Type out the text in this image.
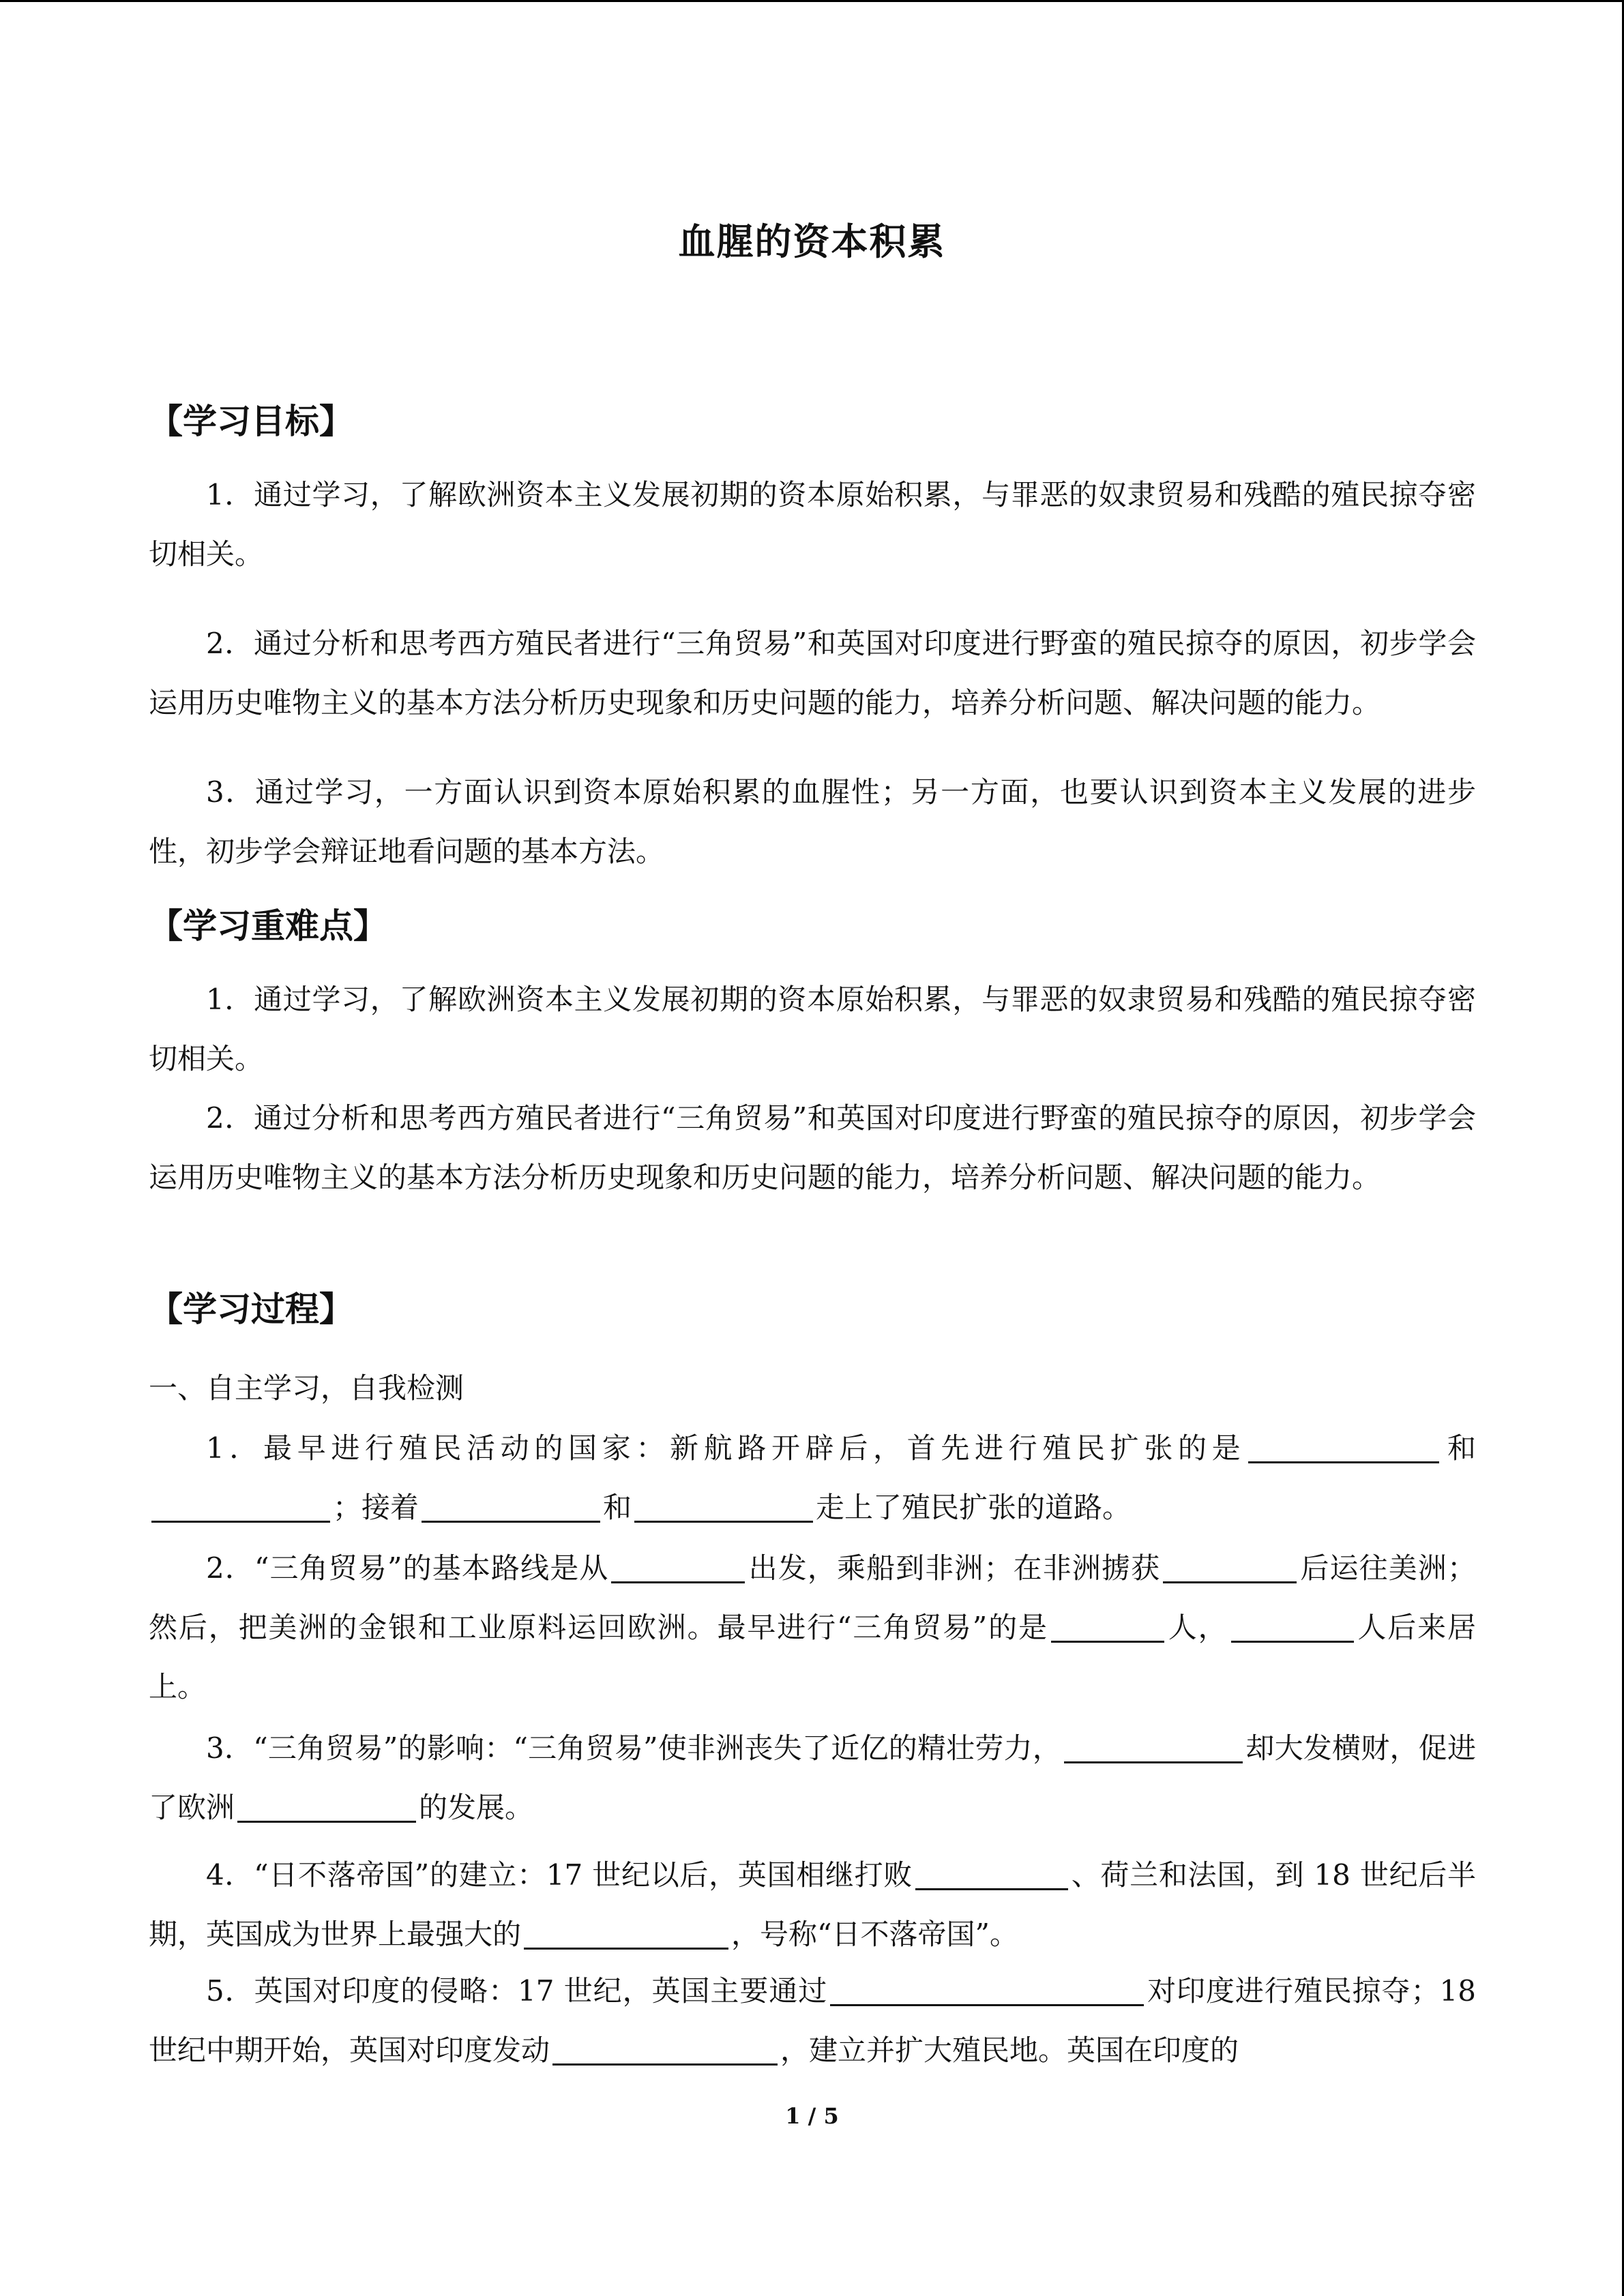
血腥的资本积累
【学习目标】
1．通过学习，了解欧洲资本主义发展初期的资本原始积累，与罪恶的奴隶贸易和残酷的殖民掠夺密切相关。
2．通过分析和思考西方殖民者进行“三角贸易”和英国对印度进行野蛮的殖民掠夺的原因，初步学会运用历史唯物主义的基本方法分析历史现象和历史问题的能力，培养分析问题、解决问题的能力。
3．通过学习，一方面认识到资本原始积累的血腥性；另一方面，也要认识到资本主义发展的进步性，初步学会辩证地看问题的基本方法。
【学习重难点】
1．通过学习，了解欧洲资本主义发展初期的资本原始积累，与罪恶的奴隶贸易和残酷的殖民掠夺密切相关。
2．通过分析和思考西方殖民者进行“三角贸易”和英国对印度进行野蛮的殖民掠夺的原因，初步学会运用历史唯物主义的基本方法分析历史现象和历史问题的能力，培养分析问题、解决问题的能力。
【学习过程】
一、自主学习，自我检测
1．最早进行殖民活动的国家：新航路开辟后，首先进行殖民扩张的是	和；接着	和	走上了殖民扩张的道路。
2．“三角贸易”的基本路线是从	出发，乘船到非洲；在非洲掳获	后运往美洲；然后，把美洲的金银和工业原料运回欧洲。最早进行“三角贸易”的是	人，	人后来居上。
3．“三角贸易”的影响：“三角贸易”使非洲丧失了近亿的精壮劳力，	却大发横财，促进了欧洲	的发展。
4．“日不落帝国”的建立：17 世纪以后，英国相继打败	、荷兰和法国，到 18 世纪后半期，英国成为世界上最强大的	，号称“日不落帝国”。
5．英国对印度的侵略：17 世纪，英国主要通过	对印度进行殖民掠夺；18 世纪中期开始，英国对印度发动	，建立并扩大殖民地。英国在印度的
1 / 5
